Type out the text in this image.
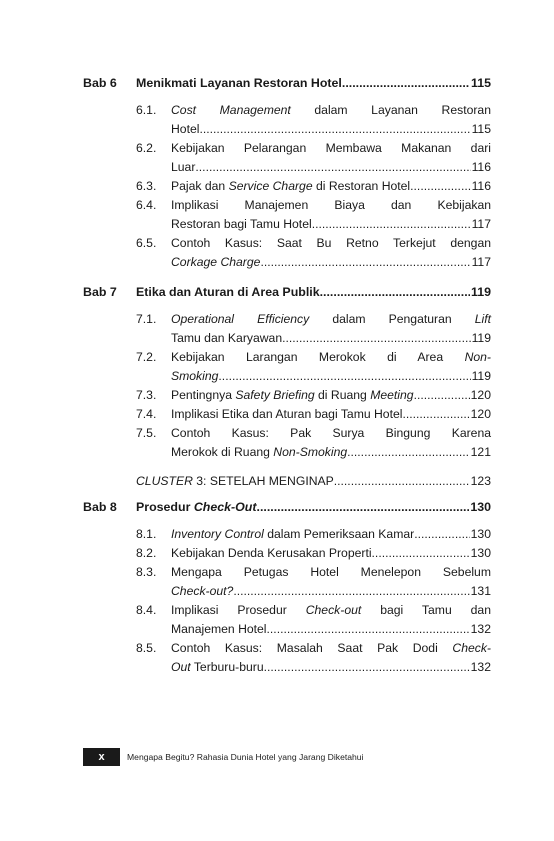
Bab 6	Menikmati Layanan Restoran Hotel .....	115
6.1.	Cost Management dalam Layanan Restoran
Hotel .....	115
6.2.	Kebijakan Pelarangan Membawa Makanan dari
Luar .....	116
6.3.	Pajak dan Service Charge di Restoran Hotel .....	116
6.4.	Implikasi Manajemen Biaya dan Kebijakan
Restoran bagi Tamu Hotel .....	117
6.5.	Contoh Kasus: Saat Bu Retno Terkejut dengan
Corkage Charge .....	117
Bab 7	Etika dan Aturan di Area Publik .....	119
7.1.	Operational Efficiency dalam Pengaturan Lift
Tamu dan Karyawan .....	119
7.2.	Kebijakan Larangan Merokok di Area Non-
Smoking .....	119
7.3.	Pentingnya Safety Briefing di Ruang Meeting .....	120
7.4.	Implikasi Etika dan Aturan bagi Tamu Hotel .....	120
7.5.	Contoh Kasus: Pak Surya Bingung Karena
Merokok di Ruang Non-Smoking .....	121
CLUSTER 3: SETELAH MENGINAP .....	123
Bab 8	Prosedur Check-Out .....	130
8.1.	Inventory Control dalam Pemeriksaan Kamar .....	130
8.2.	Kebijakan Denda Kerusakan Properti .....	130
8.3.	Mengapa Petugas Hotel Menelepon Sebelum
Check-out? .....	131
8.4.	Implikasi Prosedur Check-out bagi Tamu dan
Manajemen Hotel .....	132
8.5.	Contoh Kasus: Masalah Saat Pak Dodi Check-
Out Terburu-buru .....	132
x	Mengapa Begitu? Rahasia Dunia Hotel yang Jarang Diketahui
